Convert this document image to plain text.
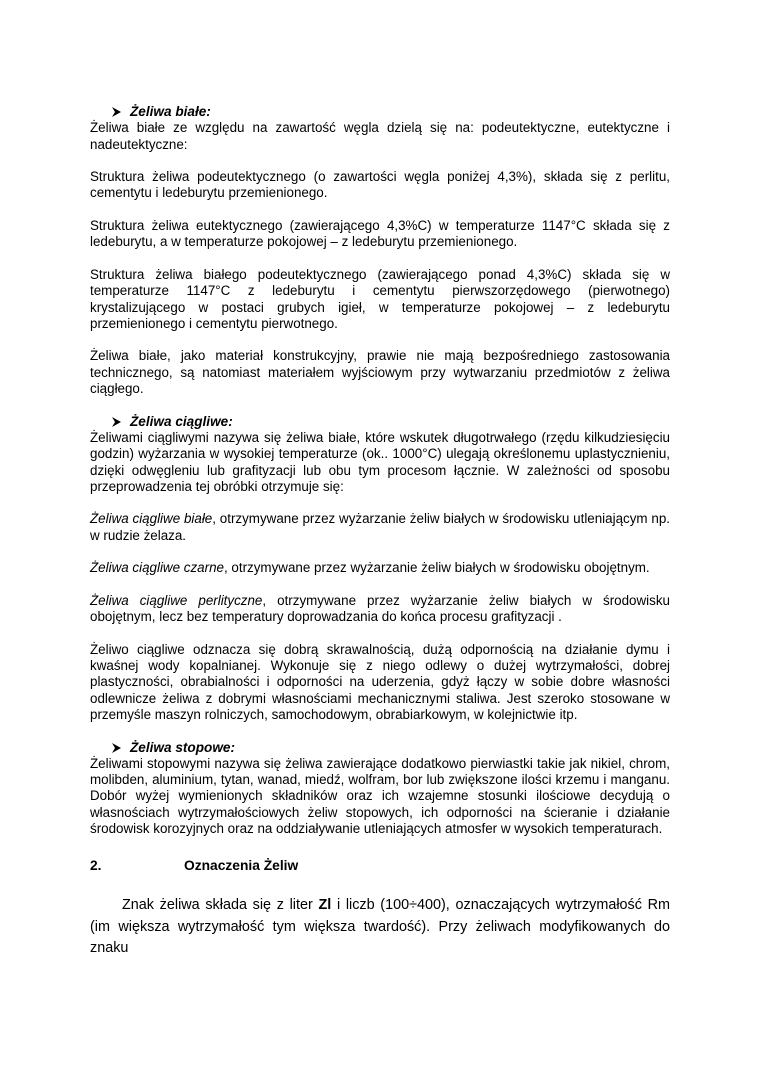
Żeliwa białe:

Żeliwa białe ze względu na zawartość węgla dzielą się na: podeutektyczne, eutektyczne i nadeutektyczne:

Struktura żeliwa podeutektycznego (o zawartości węgla poniżej 4,3%), składa się z perlitu, cementytu i ledeburytu przemienionego.

Struktura żeliwa eutektycznego (zawierającego 4,3%C) w temperaturze 1147°C składa się z ledeburytu, a w temperaturze pokojowej – z ledeburytu przemienionego.

Struktura żeliwa białego podeutektycznego (zawierającego ponad 4,3%C) składa się w temperaturze 1147°C z ledeburytu i cementytu pierwszorzędowego (pierwotnego) krystalizującego w postaci grubych igieł, w temperaturze pokojowej – z ledeburytu przemienionego i cementytu pierwotnego.

Żeliwa białe, jako materiał konstrukcyjny, prawie nie mają bezpośredniego zastosowania technicznego, są natomiast materiałem wyjściowym przy wytwarzaniu przedmiotów z żeliwa ciągłego.

Żeliwa ciągliwe:

Żeliwami ciągliwymi nazywa się żeliwa białe, które wskutek długotrwałego (rzędu kilkudziesięciu godzin) wyżarzania w wysokiej temperaturze (ok.. 1000°C) ulegają określonemu uplastycznieniu, dzięki odwęgleniu lub grafityzacji lub obu tym procesom łącznie. W zależności od sposobu przeprowadzenia tej obróbki otrzymuje się:

Żeliwa ciągliwe białe, otrzymywane przez wyżarzanie żeliw białych w środowisku utleniającym np. w rudzie żelaza.

Żeliwa ciągliwe czarne, otrzymywane przez wyżarzanie żeliw białych w środowisku obojętnym.

Żeliwa ciągliwe perlityczne, otrzymywane przez wyżarzanie żeliw białych w środowisku obojętnym, lecz bez temperatury doprowadzania do końca procesu grafityzacji .

Żeliwo ciągliwe odznacza się dobrą skrawalnością, dużą odpornością na działanie dymu i kwaśnej wody kopalnianej. Wykonuje się z niego odlewy o dużej wytrzymałości, dobrej plastyczności, obrabialności i odporności na uderzenia, gdyż łączy w sobie dobre własności odlewnicze żeliwa z dobrymi własnościami mechanicznymi staliwa. Jest szeroko stosowane w przemyśle maszyn rolniczych, samochodowym, obrabiarkowym, w kolejnictwie itp.

Żeliwa stopowe:

Żeliwami stopowymi nazywa się żeliwa zawierające dodatkowo pierwiastki takie jak nikiel, chrom, molibden, aluminium, tytan, wanad, miedź, wolfram, bor lub zwiększone ilości krzemu i manganu. Dobór wyżej wymienionych składników oraz ich wzajemne stosunki ilościowe decydują o własnościach wytrzymałościowych żeliw stopowych, ich odporności na ścieranie i działanie środowisk korozyjnych oraz na oddziaływanie utleniających atmosfer w wysokich temperaturach.

2.	Oznaczenia Żeliw

Znak żeliwa składa się z liter Zl i liczb (100÷400), oznaczających wytrzymałość Rm (im większa wytrzymałość tym większa twardość). Przy żeliwach modyfikowanych do znaku
